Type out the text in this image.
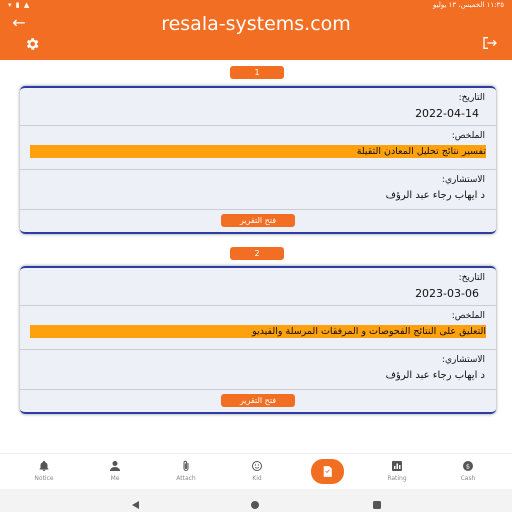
▾ ▮ ▲	١١:٣٥ الخميس، ١٣ يوليو
←	resala-systems.com
1
التاريخ:
2022-04-14
الملخص:
تفسير نتائج تحليل المعادن الثقيلة
الاستشاري:
د ايهاب رجاء عبد الرؤف
فتح التقرير
2
التاريخ:
2023-03-06
الملخص:
التعليق على النتائج الفحوصات و المرفقات المرسلة والفيديو
الاستشاري:
د ايهاب رجاء عبد الرؤف
فتح التقرير
Notice	Me	Attach	Kid	Rating
$
Cash
